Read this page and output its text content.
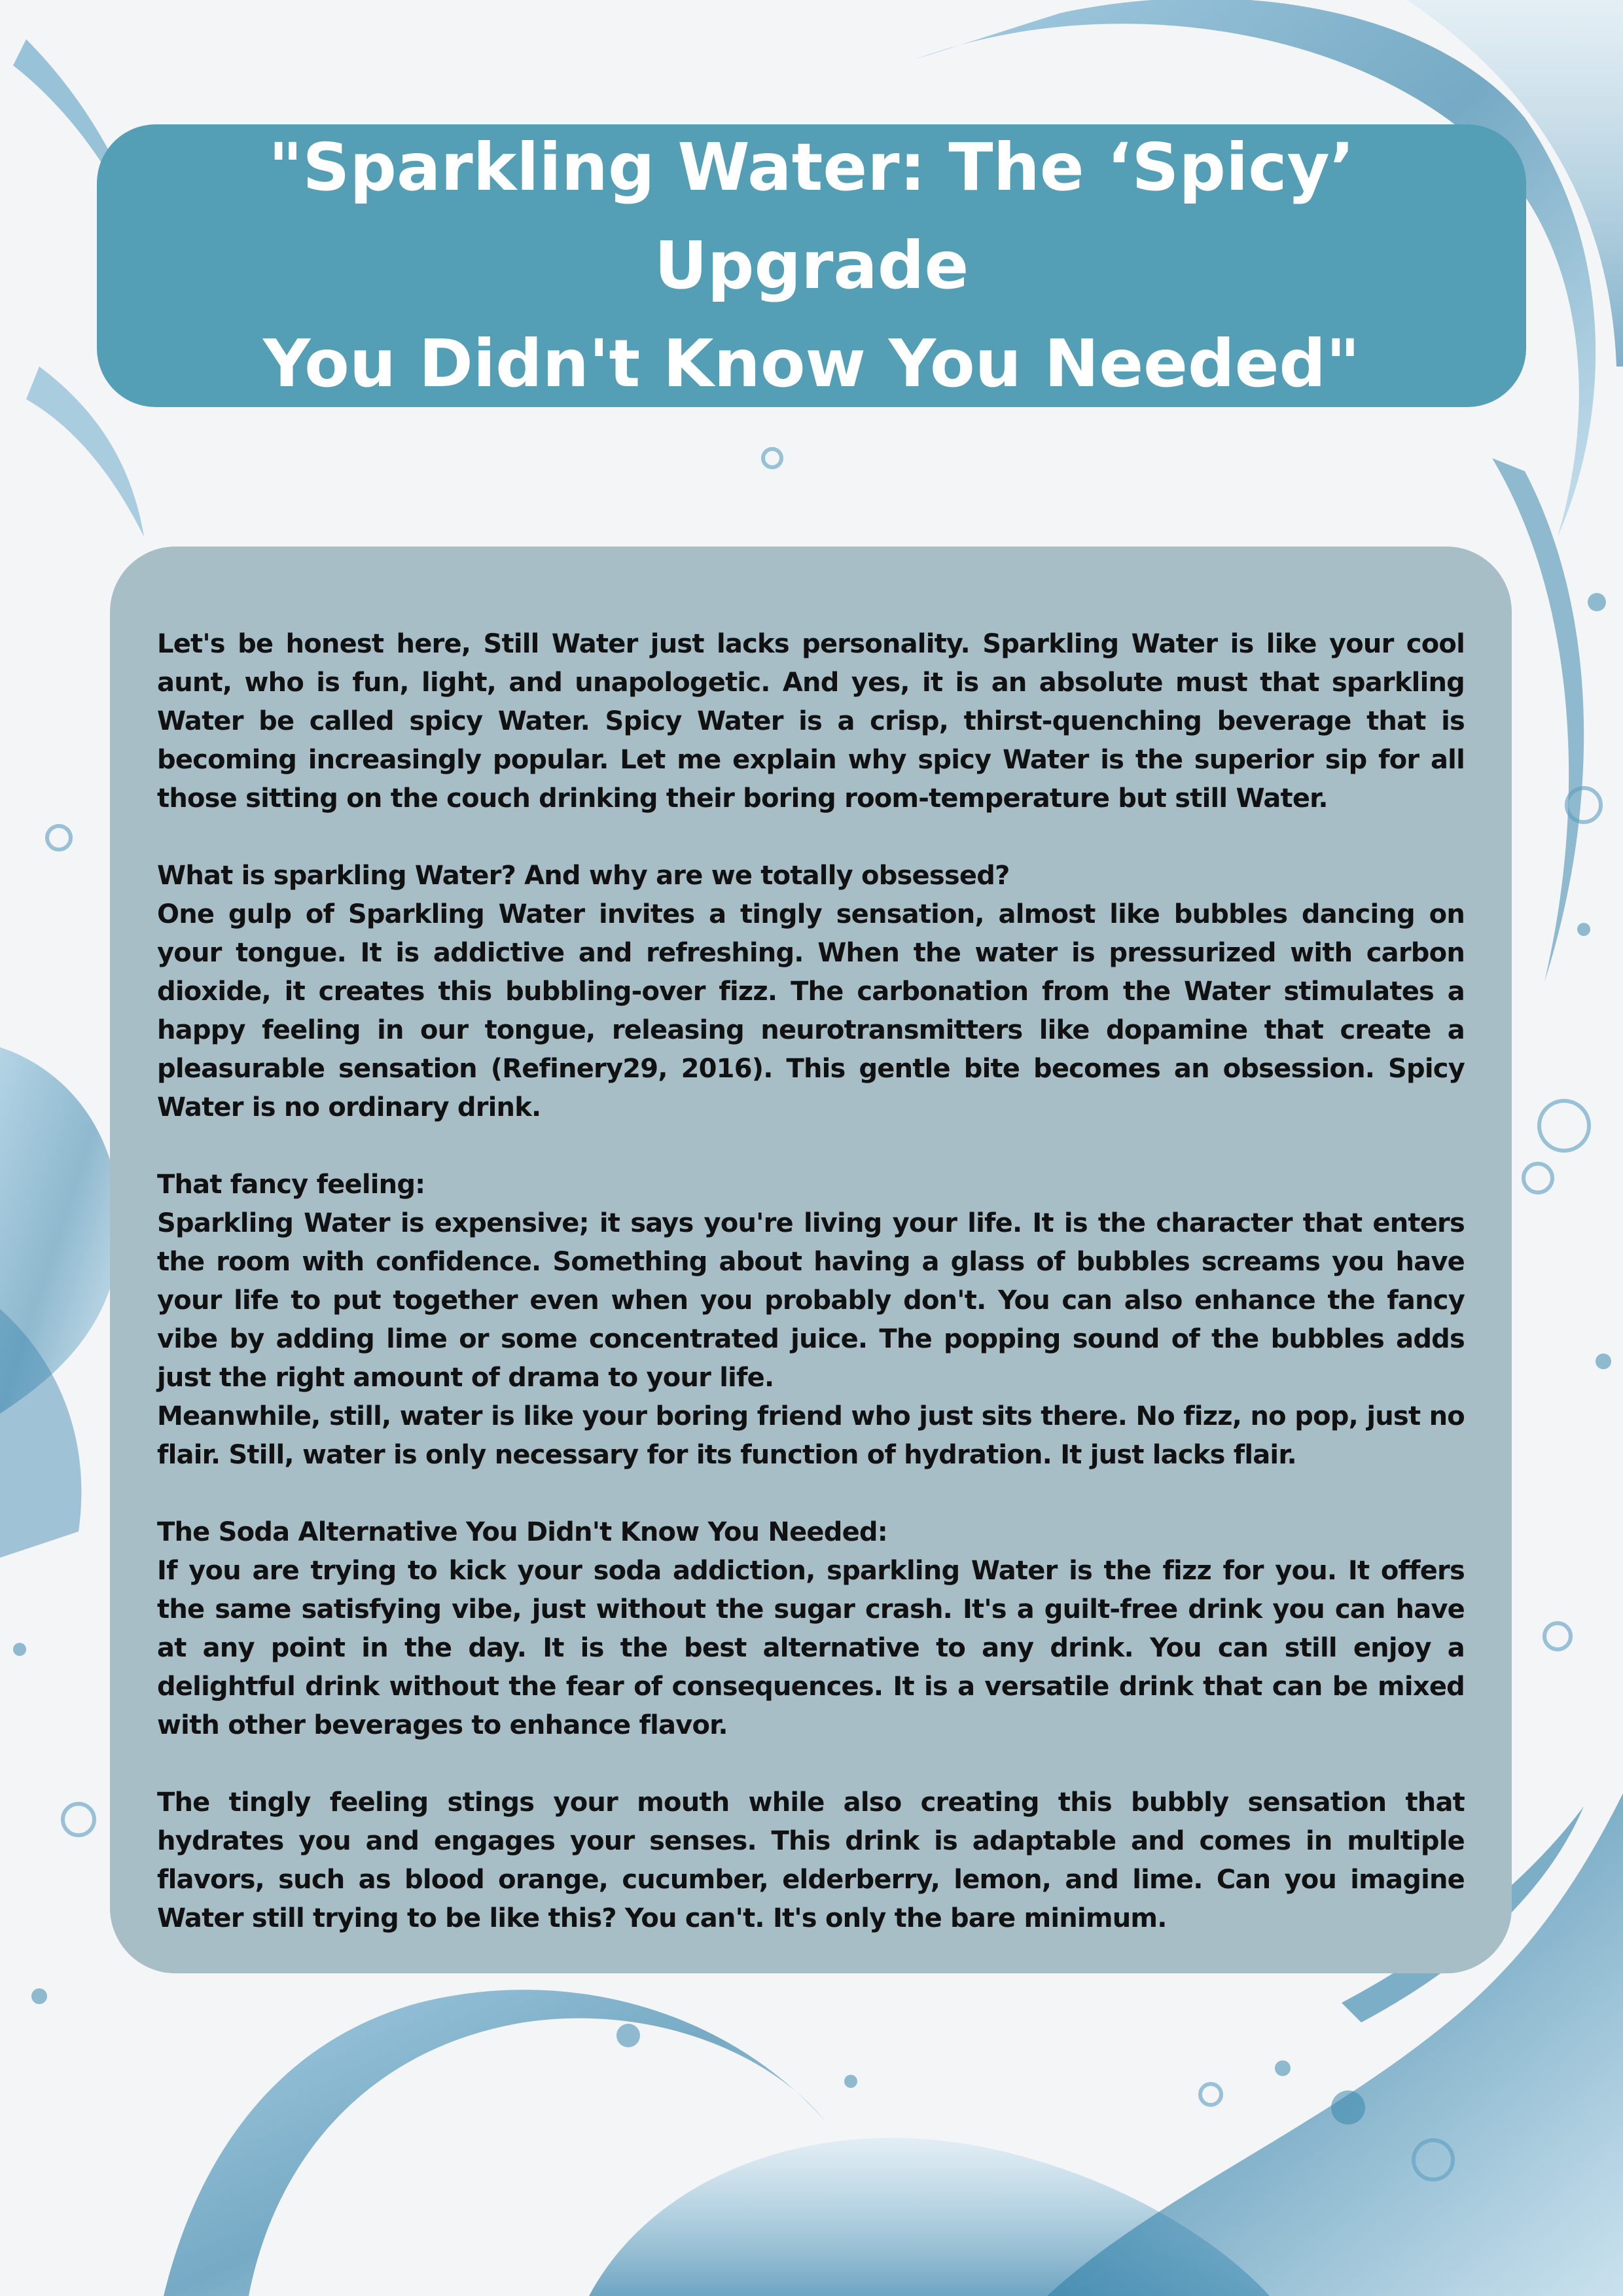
"Sparkling Water: The ‘Spicy’ Upgrade
You Didn't Know You Needed"

Let's be honest here, Still Water just lacks personality. Sparkling Water is like your cool aunt, who is fun, light, and unapologetic. And yes, it is an absolute must that sparkling Water be called spicy Water. Spicy Water is a crisp, thirst-quenching beverage that is becoming increasingly popular. Let me explain why spicy Water is the superior sip for all those sitting on the couch drinking their boring room-temperature but still Water.

What is sparkling Water? And why are we totally obsessed?

One gulp of Sparkling Water invites a tingly sensation, almost like bubbles dancing on your tongue. It is addictive and refreshing. When the water is pressurized with carbon dioxide, it creates this bubbling-over fizz. The carbonation from the Water stimulates a happy feeling in our tongue, releasing neurotransmitters like dopamine that create a pleasurable sensation (Refinery29, 2016). This gentle bite becomes an obsession. Spicy Water is no ordinary drink.

That fancy feeling:

Sparkling Water is expensive; it says you're living your life. It is the character that enters the room with confidence. Something about having a glass of bubbles screams you have your life to put together even when you probably don't. You can also enhance the fancy vibe by adding lime or some concentrated juice. The popping sound of the bubbles adds just the right amount of drama to your life.

Meanwhile, still, water is like your boring friend who just sits there. No fizz, no pop, just no flair. Still, water is only necessary for its function of hydration. It just lacks flair.

The Soda Alternative You Didn't Know You Needed:

If you are trying to kick your soda addiction, sparkling Water is the fizz for you. It offers the same satisfying vibe, just without the sugar crash. It's a guilt-free drink you can have at any point in the day. It is the best alternative to any drink. You can still enjoy a delightful drink without the fear of consequences. It is a versatile drink that can be mixed with other beverages to enhance flavor.

The tingly feeling stings your mouth while also creating this bubbly sensation that hydrates you and engages your senses. This drink is adaptable and comes in multiple flavors, such as blood orange, cucumber, elderberry, lemon, and lime. Can you imagine Water still trying to be like this? You can't. It's only the bare minimum.
